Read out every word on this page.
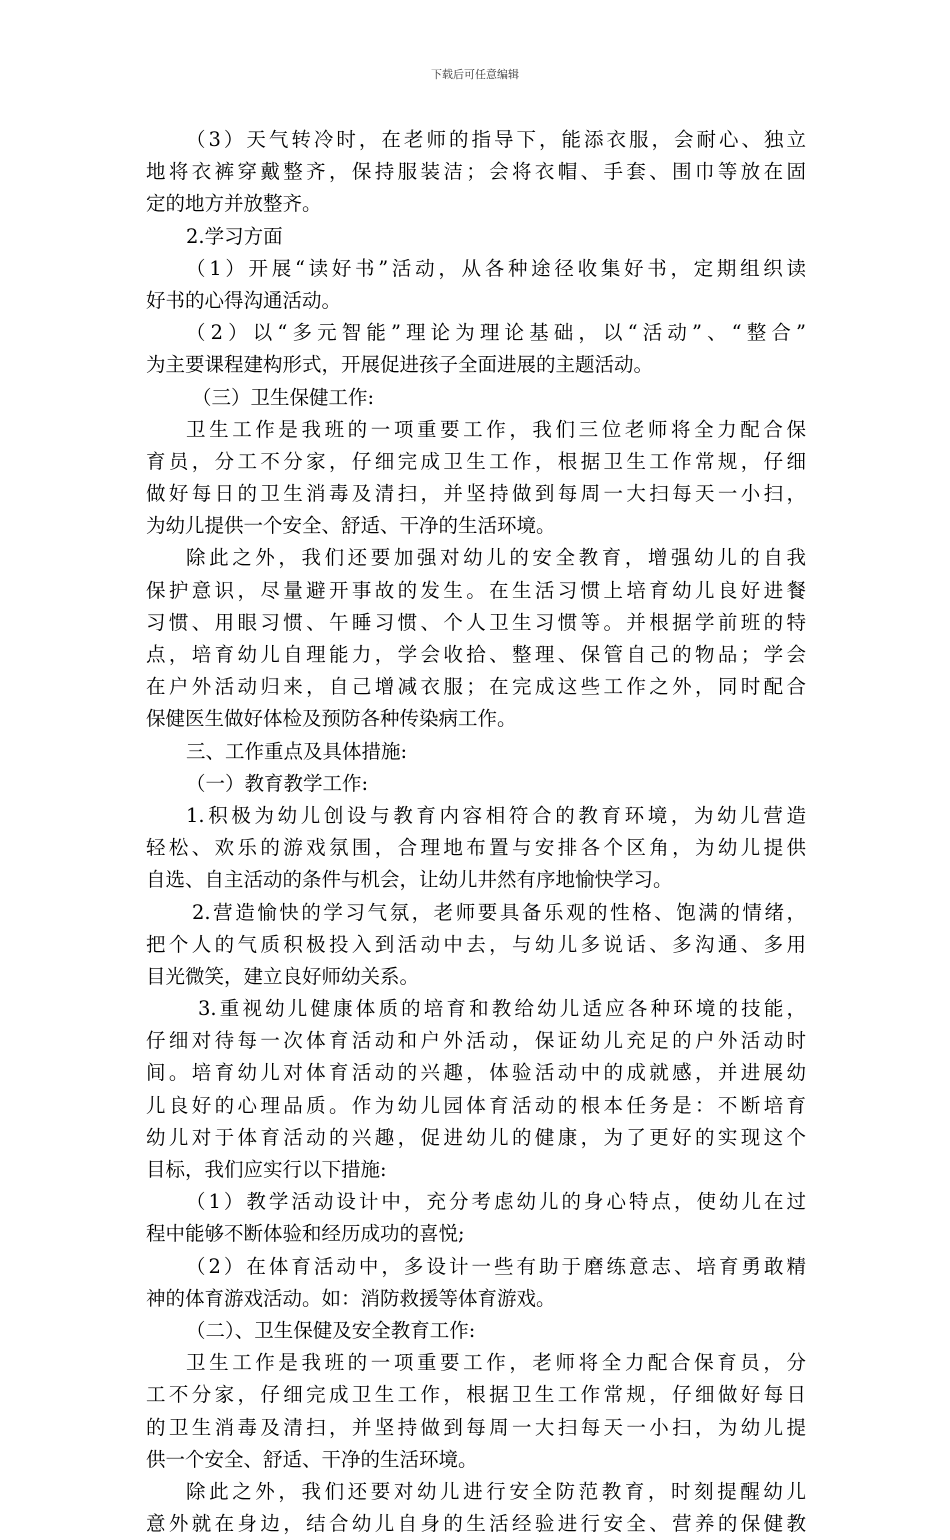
下载后可任意编辑
（3）天气转冷时，在老师的指导下，能添衣服，会耐心、独立
地将衣裤穿戴整齐，保持服装洁；会将衣帽、手套、围巾等放在固
定的地方并放整齐。
2.学习方面
（1）开展“读好书”活动，从各种途径收集好书，定期组织读
好书的心得沟通活动。
（2）以“多元智能”理论为理论基础，以“活动”、“整合”
为主要课程建构形式，开展促进孩子全面进展的主题活动。
（三）卫生保健工作:
卫生工作是我班的一项重要工作，我们三位老师将全力配合保
育员，分工不分家，仔细完成卫生工作，根据卫生工作常规，仔细
做好每日的卫生消毒及清扫，并坚持做到每周一大扫每天一小扫，
为幼儿提供一个安全、舒适、干净的生活环境。
除此之外，我们还要加强对幼儿的安全教育，增强幼儿的自我
保护意识，尽量避开事故的发生。在生活习惯上培育幼儿良好进餐
习惯、用眼习惯、午睡习惯、个人卫生习惯等。并根据学前班的特
点，培育幼儿自理能力，学会收拾、整理、保管自己的物品；学会
在户外活动归来，自己增减衣服；在完成这些工作之外，同时配合
保健医生做好体检及预防各种传染病工作。
三、工作重点及具体措施:
（一）教育教学工作:
1.积极为幼儿创设与教育内容相符合的教育环境，为幼儿营造
轻松、欢乐的游戏氛围，合理地布置与安排各个区角，为幼儿提供
自选、自主活动的条件与机会，让幼儿井然有序地愉快学习。
2.营造愉快的学习气氛，老师要具备乐观的性格、饱满的情绪，
把个人的气质积极投入到活动中去，与幼儿多说话、多沟通、多用
目光微笑，建立良好师幼关系。
3.重视幼儿健康体质的培育和教给幼儿适应各种环境的技能，
仔细对待每一次体育活动和户外活动，保证幼儿充足的户外活动时
间。培育幼儿对体育活动的兴趣，体验活动中的成就感，并进展幼
儿良好的心理品质。作为幼儿园体育活动的根本任务是：不断培育
幼儿对于体育活动的兴趣，促进幼儿的健康，为了更好的实现这个
目标，我们应实行以下措施:
（1）教学活动设计中，充分考虑幼儿的身心特点，使幼儿在过
程中能够不断体验和经历成功的喜悦;
（2）在体育活动中，多设计一些有助于磨练意志、培育勇敢精
神的体育游戏活动。如：消防救援等体育游戏。
（二）、卫生保健及安全教育工作:
卫生工作是我班的一项重要工作，老师将全力配合保育员，分
工不分家，仔细完成卫生工作，根据卫生工作常规，仔细做好每日
的卫生消毒及清扫，并坚持做到每周一大扫每天一小扫，为幼儿提
供一个安全、舒适、干净的生活环境。
除此之外，我们还要对幼儿进行安全防范教育，时刻提醒幼儿
意外就在身边，结合幼儿自身的生活经验进行安全、营养的保健教
